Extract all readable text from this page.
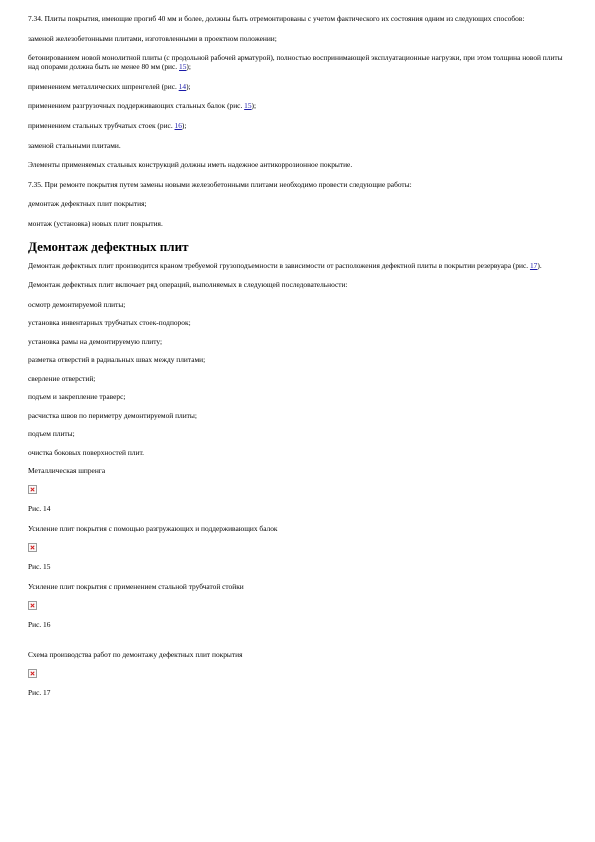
7.34. Плиты покрытия, имеющие прогиб 40 мм и более, должны быть отремонтированы с учетом фактического их состояния одним из следующих способов:

заменой железобетонными плитами, изготовленными в проектном положении;

бетонированием новой монолитной плиты (с продольной рабочей арматурой), полностью воспринимающей эксплуатационные нагрузки, при этом толщина новой плиты над опорами должна быть не менее 80 мм (рис. 15);

применением металлических шпренгелей (рис. 14);

применением разгрузочных поддерживающих стальных балок (рис. 15);

применением стальных трубчатых стоек (рис. 16);

заменой стальными плитами.

Элементы применяемых стальных конструкций должны иметь надежное антикоррозионное покрытие.

7.35. При ремонте покрытия путем замены новыми железобетонными плитами необходимо провести следующие работы:

демонтаж дефектных плит покрытия;

монтаж (установка) новых плит покрытия.

Демонтаж дефектных плит

Демонтаж дефектных плит производится краном требуемой грузоподъемности в зависимости от расположения дефектной плиты в покрытии резервуара (рис. 17).

Демонтаж дефектных плит включает ряд операций, выполняемых в следующей последовательности:

осмотр демонтируемой плиты;

установка инвентарных трубчатых стоек-подпорок;

установка рамы на демонтируемую плиту;

разметка отверстий в радиальных швах между плитами;

сверление отверстий;

подъем и закрепление траверс;

расчистка швов по периметру демонтируемой плиты;

подъем плиты;

очистка боковых поверхностей плит.

Металлическая шпренга

Рис. 14

Усиление плит покрытия с помощью разгружающих и поддерживающих балок

Рис. 15

Усиление плит покрытия с применением стальной трубчатой стойки

Рис. 16

Схема производства работ по демонтажу дефектных плит покрытия

Рис. 17
